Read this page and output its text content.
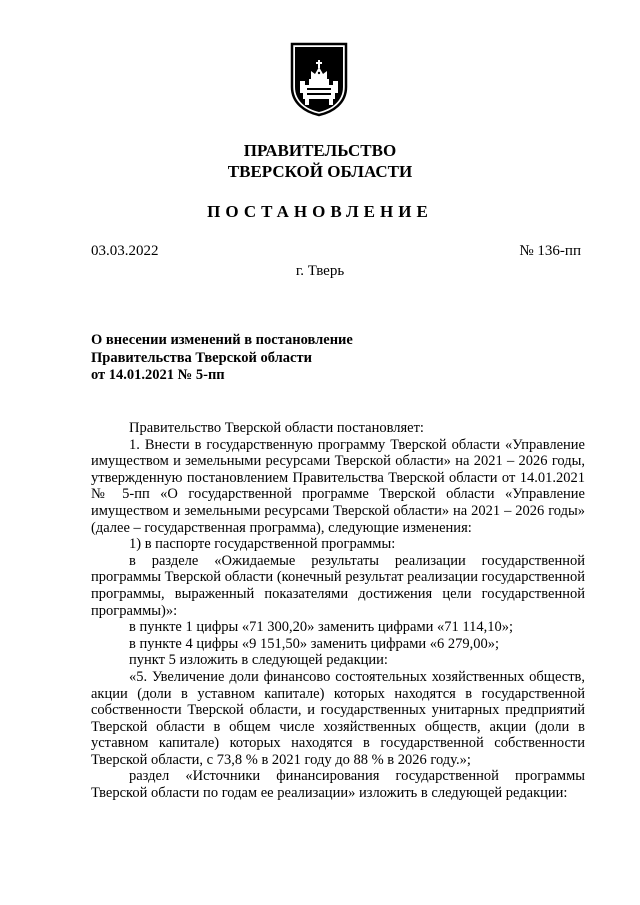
ПРАВИТЕЛЬСТВО
ТВЕРСКОЙ ОБЛАСТИ
ПОСТАНОВЛЕНИЕ
03.03.2022	№ 136-пп
г. Тверь
О внесении изменений в постановление
Правительства Тверской области
от 14.01.2021 № 5-пп

Правительство Тверской области постановляет:

1. Внести в государственную программу Тверской области «Управление имуществом и земельными ресурсами Тверской области» на 2021 – 2026 годы, утвержденную постановлением Правительства Тверской области от 14.01.2021 № 5-пп «О государственной программе Тверской области «Управление имуществом и земельными ресурсами Тверской области» на 2021 – 2026 годы» (далее – государственная программа), следующие изменения:

1) в паспорте государственной программы:

в разделе «Ожидаемые результаты реализации государственной программы Тверской области (конечный результат реализации государственной программы, выраженный показателями достижения цели государственной программы)»:

в пункте 1 цифры «71 300,20» заменить цифрами «71 114,10»;

в пункте 4 цифры «9 151,50» заменить цифрами «6 279,00»;

пункт 5 изложить в следующей редакции:

«5. Увеличение доли финансово состоятельных хозяйственных обществ, акции (доли в уставном капитале) которых находятся в государственной собственности Тверской области, и государственных унитарных предприятий Тверской области в общем числе хозяйственных обществ, акции (доли в уставном капитале) которых находятся в государственной собственности Тверской области, с 73,8 % в 2021 году до 88 % в 2026 году.»;

раздел «Источники финансирования государственной программы Тверской области по годам ее реализации» изложить в следующей редакции:
